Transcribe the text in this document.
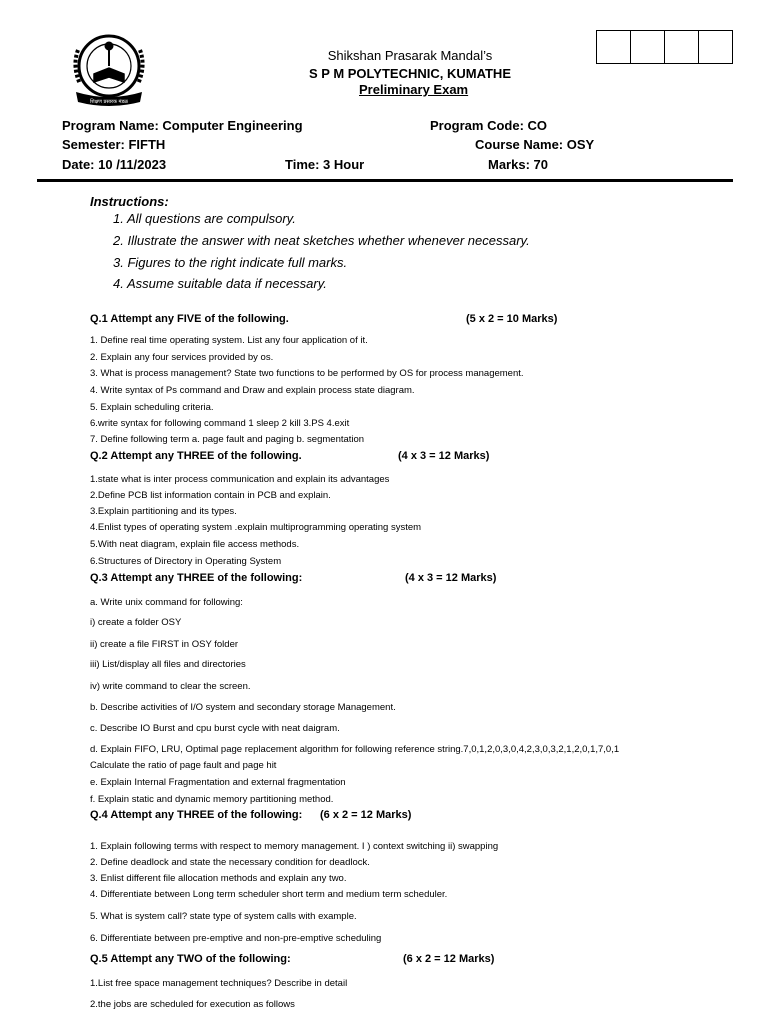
शिक्षण प्रसारक मंडळ
Shikshan Prasarak Mandal’s
S P M POLYTECHNIC, KUMATHE
Preliminary Exam
Program Name: Computer Engineering	Program Code: CO
Semester: FIFTH	Course Name: OSY
Date: 10 /11/2023	Time: 3 Hour	Marks: 70
Instructions:
1. All questions are compulsory.
2. Illustrate the answer with neat sketches whether whenever necessary.
3. Figures to the right indicate full marks.
4. Assume suitable data if necessary.
Q.1 Attempt any FIVE of the following.	(5 x 2 = 10 Marks)
1. Define real time operating system. List any four application of it.
2. Explain any four services provided by os.
3. What is process management? State two functions to be performed by OS for process management.
4. Write syntax of Ps command and Draw and explain process state diagram.
5. Explain scheduling criteria.
6.write syntax for following command 1 sleep 2 kill 3.PS 4.exit
7. Define following term a. page fault and paging b. segmentation
Q.2 Attempt any THREE of the following.	(4 x 3 = 12 Marks)
1.state what is inter process communication and explain its advantages
2.Define PCB list information contain in PCB and explain.
3.Explain partitioning and its types.
4.Enlist types of operating system .explain multiprogramming operating system
5.With neat diagram, explain file access methods.
6.Structures of Directory in Operating System
Q.3 Attempt any THREE of the following:	(4 x 3 = 12 Marks)
a. Write unix command for following:
i) create a folder OSY
ii) create a file FIRST in OSY folder
iii) List/display all files and directories
iv) write command to clear the screen.
b. Describe activities of I/O system and secondary storage Management.
c. Describe IO Burst and cpu burst cycle with neat daigram.
d. Explain FIFO, LRU, Optimal page replacement algorithm for following reference string.7,0,1,2,0,3,0,4,2,3,0,3,2,1,2,0,1,7,0,1
Calculate the ratio of page fault and page hit
e. Explain Internal Fragmentation and external fragmentation
f. Explain static and dynamic memory partitioning method.
Q.4 Attempt any THREE of the following: (6 x 2 = 12 Marks)
1. Explain following terms with respect to memory management. I ) context switching ii) swapping
2. Define deadlock and state the necessary condition for deadlock.
3. Enlist different file allocation methods and explain any two.
4. Differentiate between Long term scheduler short term and medium term scheduler.
5. What is system call? state type of system calls with example.
6. Differentiate between pre-emptive and non-pre-emptive scheduling
Q.5 Attempt any TWO of the following:	(6 x 2 = 12 Marks)
1.List free space management techniques? Describe in detail
2.the jobs are scheduled for execution as follows
